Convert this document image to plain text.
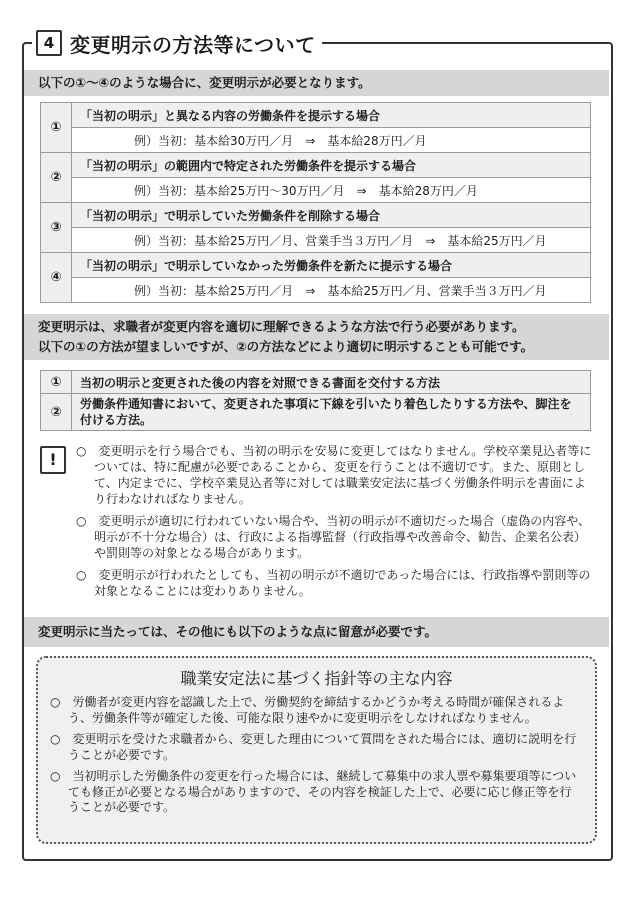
4 変更明示の方法等について
以下の①～④のような場合に、変更明示が必要となります。
①	「当初の明示」と異なる内容の労働条件を提示する場合
	例）当初：基本給30万円／月　⇒　基本給28万円／月
②	「当初の明示」の範囲内で特定された労働条件を提示する場合
	例）当初：基本給25万円～30万円／月　⇒　基本給28万円／月
③	「当初の明示」で明示していた労働条件を削除する場合
	例）当初：基本給25万円／月、営業手当３万円／月　⇒　基本給25万円／月
④	「当初の明示」で明示していなかった労働条件を新たに提示する場合
	例）当初：基本給25万円／月　⇒　基本給25万円／月、営業手当３万円／月
変更明示は、求職者が変更内容を適切に理解できるような方法で行う必要があります。
以下の①の方法が望ましいですが、②の方法などにより適切に明示することも可能です。
①	当初の明示と変更された後の内容を対照できる書面を交付する方法
②	労働条件通知書において、変更された事項に下線を引いたり着色したりする方法や、脚注を付ける方法。
!	○　変更明示を行う場合でも、当初の明示を安易に変更してはなりません。学校卒業見込者等については、特に配慮が必要であることから、変更を行うことは不適切です。また、原則として、内定までに、学校卒業見込者等に対しては職業安定法に基づく労働条件明示を書面により行わなければなりません。
○　変更明示が適切に行われていない場合や、当初の明示が不適切だった場合（虚偽の内容や、明示が不十分な場合）は、行政による指導監督（行政指導や改善命令、勧告、企業名公表）や罰則等の対象となる場合があります。
○　変更明示が行われたとしても、当初の明示が不適切であった場合には、行政指導や罰則等の対象となることには変わりありません。
変更明示に当たっては、その他にも以下のような点に留意が必要です。
職業安定法に基づく指針等の主な内容
○　労働者が変更内容を認識した上で、労働契約を締結するかどうか考える時間が確保されるよう、労働条件等が確定した後、可能な限り速やかに変更明示をしなければなりません。
○　変更明示を受けた求職者から、変更した理由について質問をされた場合には、適切に説明を行うことが必要です。
○　当初明示した労働条件の変更を行った場合には、継続して募集中の求人票や募集要項等についても修正が必要となる場合がありますので、その内容を検証した上で、必要に応じ修正等を行うことが必要です。
